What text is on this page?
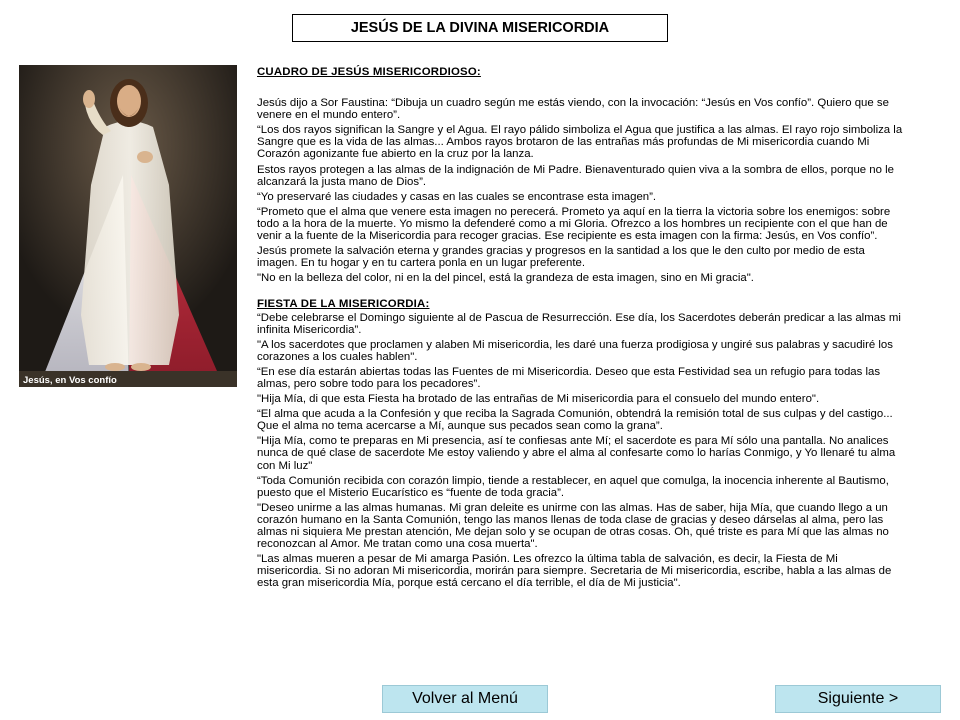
JESÚS DE LA DIVINA MISERICORDIA
Jesús, en Vos confío

CUADRO DE JESÚS MISERICORDIOSO:

Jesús dijo a Sor Faustina: “Dibuja un cuadro según me estás viendo, con la invocación: “Jesús en Vos confío”. Quiero que se venere en el mundo entero”.

“Los dos rayos significan la Sangre y el Agua. El rayo pálido simboliza el Agua que justifica a las almas. El rayo rojo simboliza la Sangre que es la vida de las almas... Ambos rayos brotaron de las entrañas más profundas de Mi misericordia cuando Mi Corazón agonizante fue abierto en la cruz por la lanza.

Estos rayos protegen a las almas de la indignación de Mi Padre. Bienaventurado quien viva a la sombra de ellos, porque no le alcanzará la justa mano de Dios”.

“Yo preservaré las ciudades y casas en las cuales se encontrase esta imagen”.

“Prometo que el alma que venere esta imagen no perecerá. Prometo ya aquí en la tierra la victoria sobre los enemigos: sobre todo a la hora de la muerte. Yo mismo la defenderé como a mi Gloria. Ofrezco a los hombres un recipiente con el que han de venir a la fuente de la Misericordia para recoger gracias. Ese recipiente es esta imagen con la firma: Jesús, en Vos confío”.

Jesús promete la salvación eterna y grandes gracias y progresos en la santidad a los que le den culto por medio de esta imagen. En tu hogar y en tu cartera ponla en un lugar preferente.

"No en la belleza del color, ni en la del pincel, está la grandeza de esta imagen, sino en Mi gracia".

FIESTA DE LA MISERICORDIA:

“Debe celebrarse el Domingo siguiente al de Pascua de Resurrección. Ese día, los Sacerdotes deberán predicar a las almas mi infinita Misericordia”.

"A los sacerdotes que proclamen y alaben Mi misericordia, les daré una fuerza prodigiosa y ungiré sus palabras y sacudiré los corazones a los cuales hablen".

“En ese día estarán abiertas todas las Fuentes de mi Misericordia. Deseo que esta Festividad sea un refugio para todas las almas, pero sobre todo para los pecadores”.

"Hija Mía, di que esta Fiesta ha brotado de las entrañas de Mi misericordia para el consuelo del mundo entero".

“El alma que acuda a la Confesión y que reciba la Sagrada Comunión, obtendrá la remisión total de sus culpas y del castigo... Que el alma no tema acercarse a Mí, aunque sus pecados sean como la grana”.

"Hija Mía, como te preparas en Mi presencia, así te confiesas ante Mí; el sacerdote es para Mí sólo una pantalla. No analices nunca de qué clase de sacerdote Me estoy valiendo y abre el alma al confesarte como lo harías Conmigo, y Yo llenaré tu alma con Mi luz"

“Toda Comunión recibida con corazón limpio, tiende a restablecer, en aquel que comulga, la inocencia inherente al Bautismo, puesto que el Misterio Eucarístico es “fuente de toda gracia”.

"Deseo unirme a las almas humanas. Mi gran deleite es unirme con las almas. Has de saber, hija Mía, que cuando llego a un corazón humano en la Santa Comunión, tengo las manos llenas de toda clase de gracias y deseo dárselas al alma, pero las almas ni siquiera Me prestan atención, Me dejan solo y se ocupan de otras cosas. Oh, qué triste es para Mí que las almas no reconozcan al Amor. Me tratan como una cosa muerta".

"Las almas mueren a pesar de Mi amarga Pasión. Les ofrezco la última tabla de salvación, es decir, la Fiesta de Mi misericordia. Si no adoran Mi misericordia, morirán para siempre. Secretaria de Mi misericordia, escribe, habla a las almas de esta gran misericordia Mía, porque está cercano el día terrible, el día de Mi justicia".

Volver al Menú	Siguiente >
